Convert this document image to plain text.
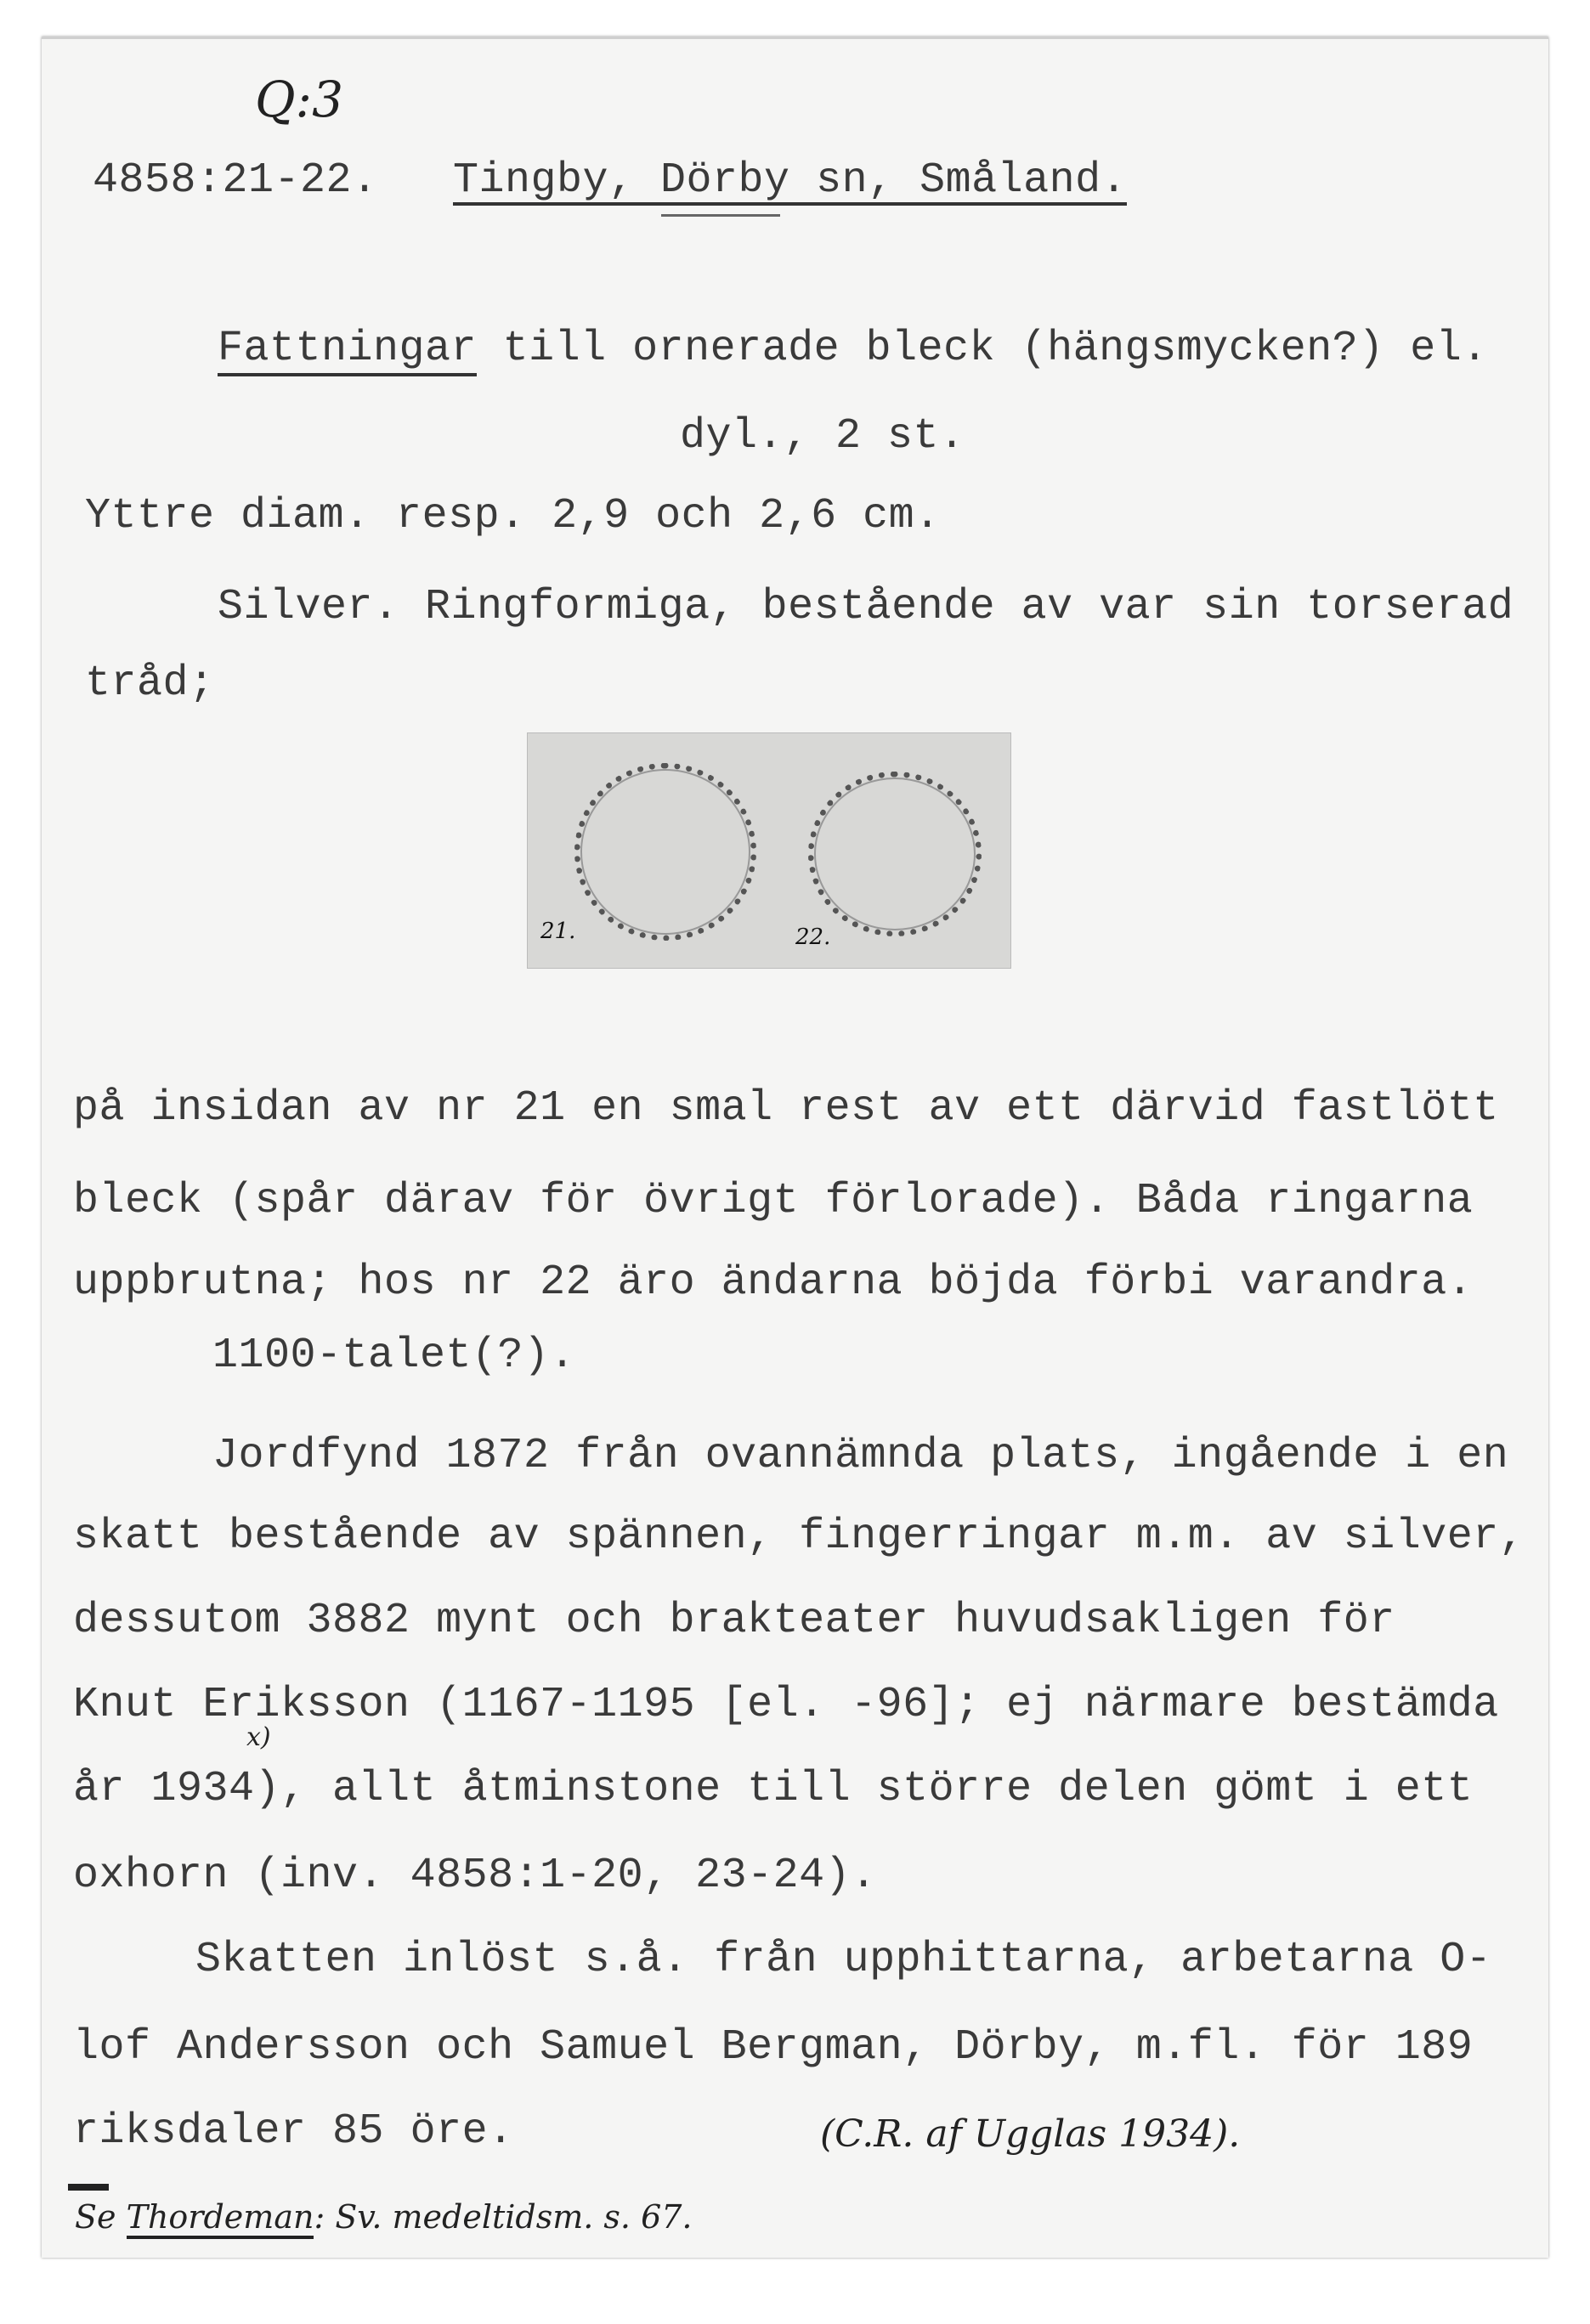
Q:3
4858:21-22. Tingby, Dörby sn, Småland.
Fattningar till ornerade bleck (hängsmycken?) el.
dyl., 2 st.
Yttre diam. resp. 2,9 och 2,6 cm.
Silver. Ringformiga, bestående av var sin torserad
tråd;
21.	22.
på insidan av nr 21 en smal rest av ett därvid fastlött
bleck (spår därav för övrigt förlorade). Båda ringarna
uppbrutna; hos nr 22 äro ändarna böjda förbi varandra.
1100-talet(?).
Jordfynd 1872 från ovannämnda plats, ingående i en
skatt bestående av spännen, fingerringar m.m. av silver,
dessutom 3882 mynt och brakteater huvudsakligen för
Knut Eriksson (1167-1195 [el. -96]; ej närmare bestämda
x)
år 1934), allt åtminstone till större delen gömt i ett
oxhorn (inv. 4858:1-20, 23-24).
Skatten inlöst s.å. från upphittarna, arbetarna O-
lof Andersson och Samuel Bergman, Dörby, m.fl. för 189
riksdaler 85 öre.	(C.R. af Ugglas 1934).
Se Thordeman: Sv. medeltidsm. s. 67.
